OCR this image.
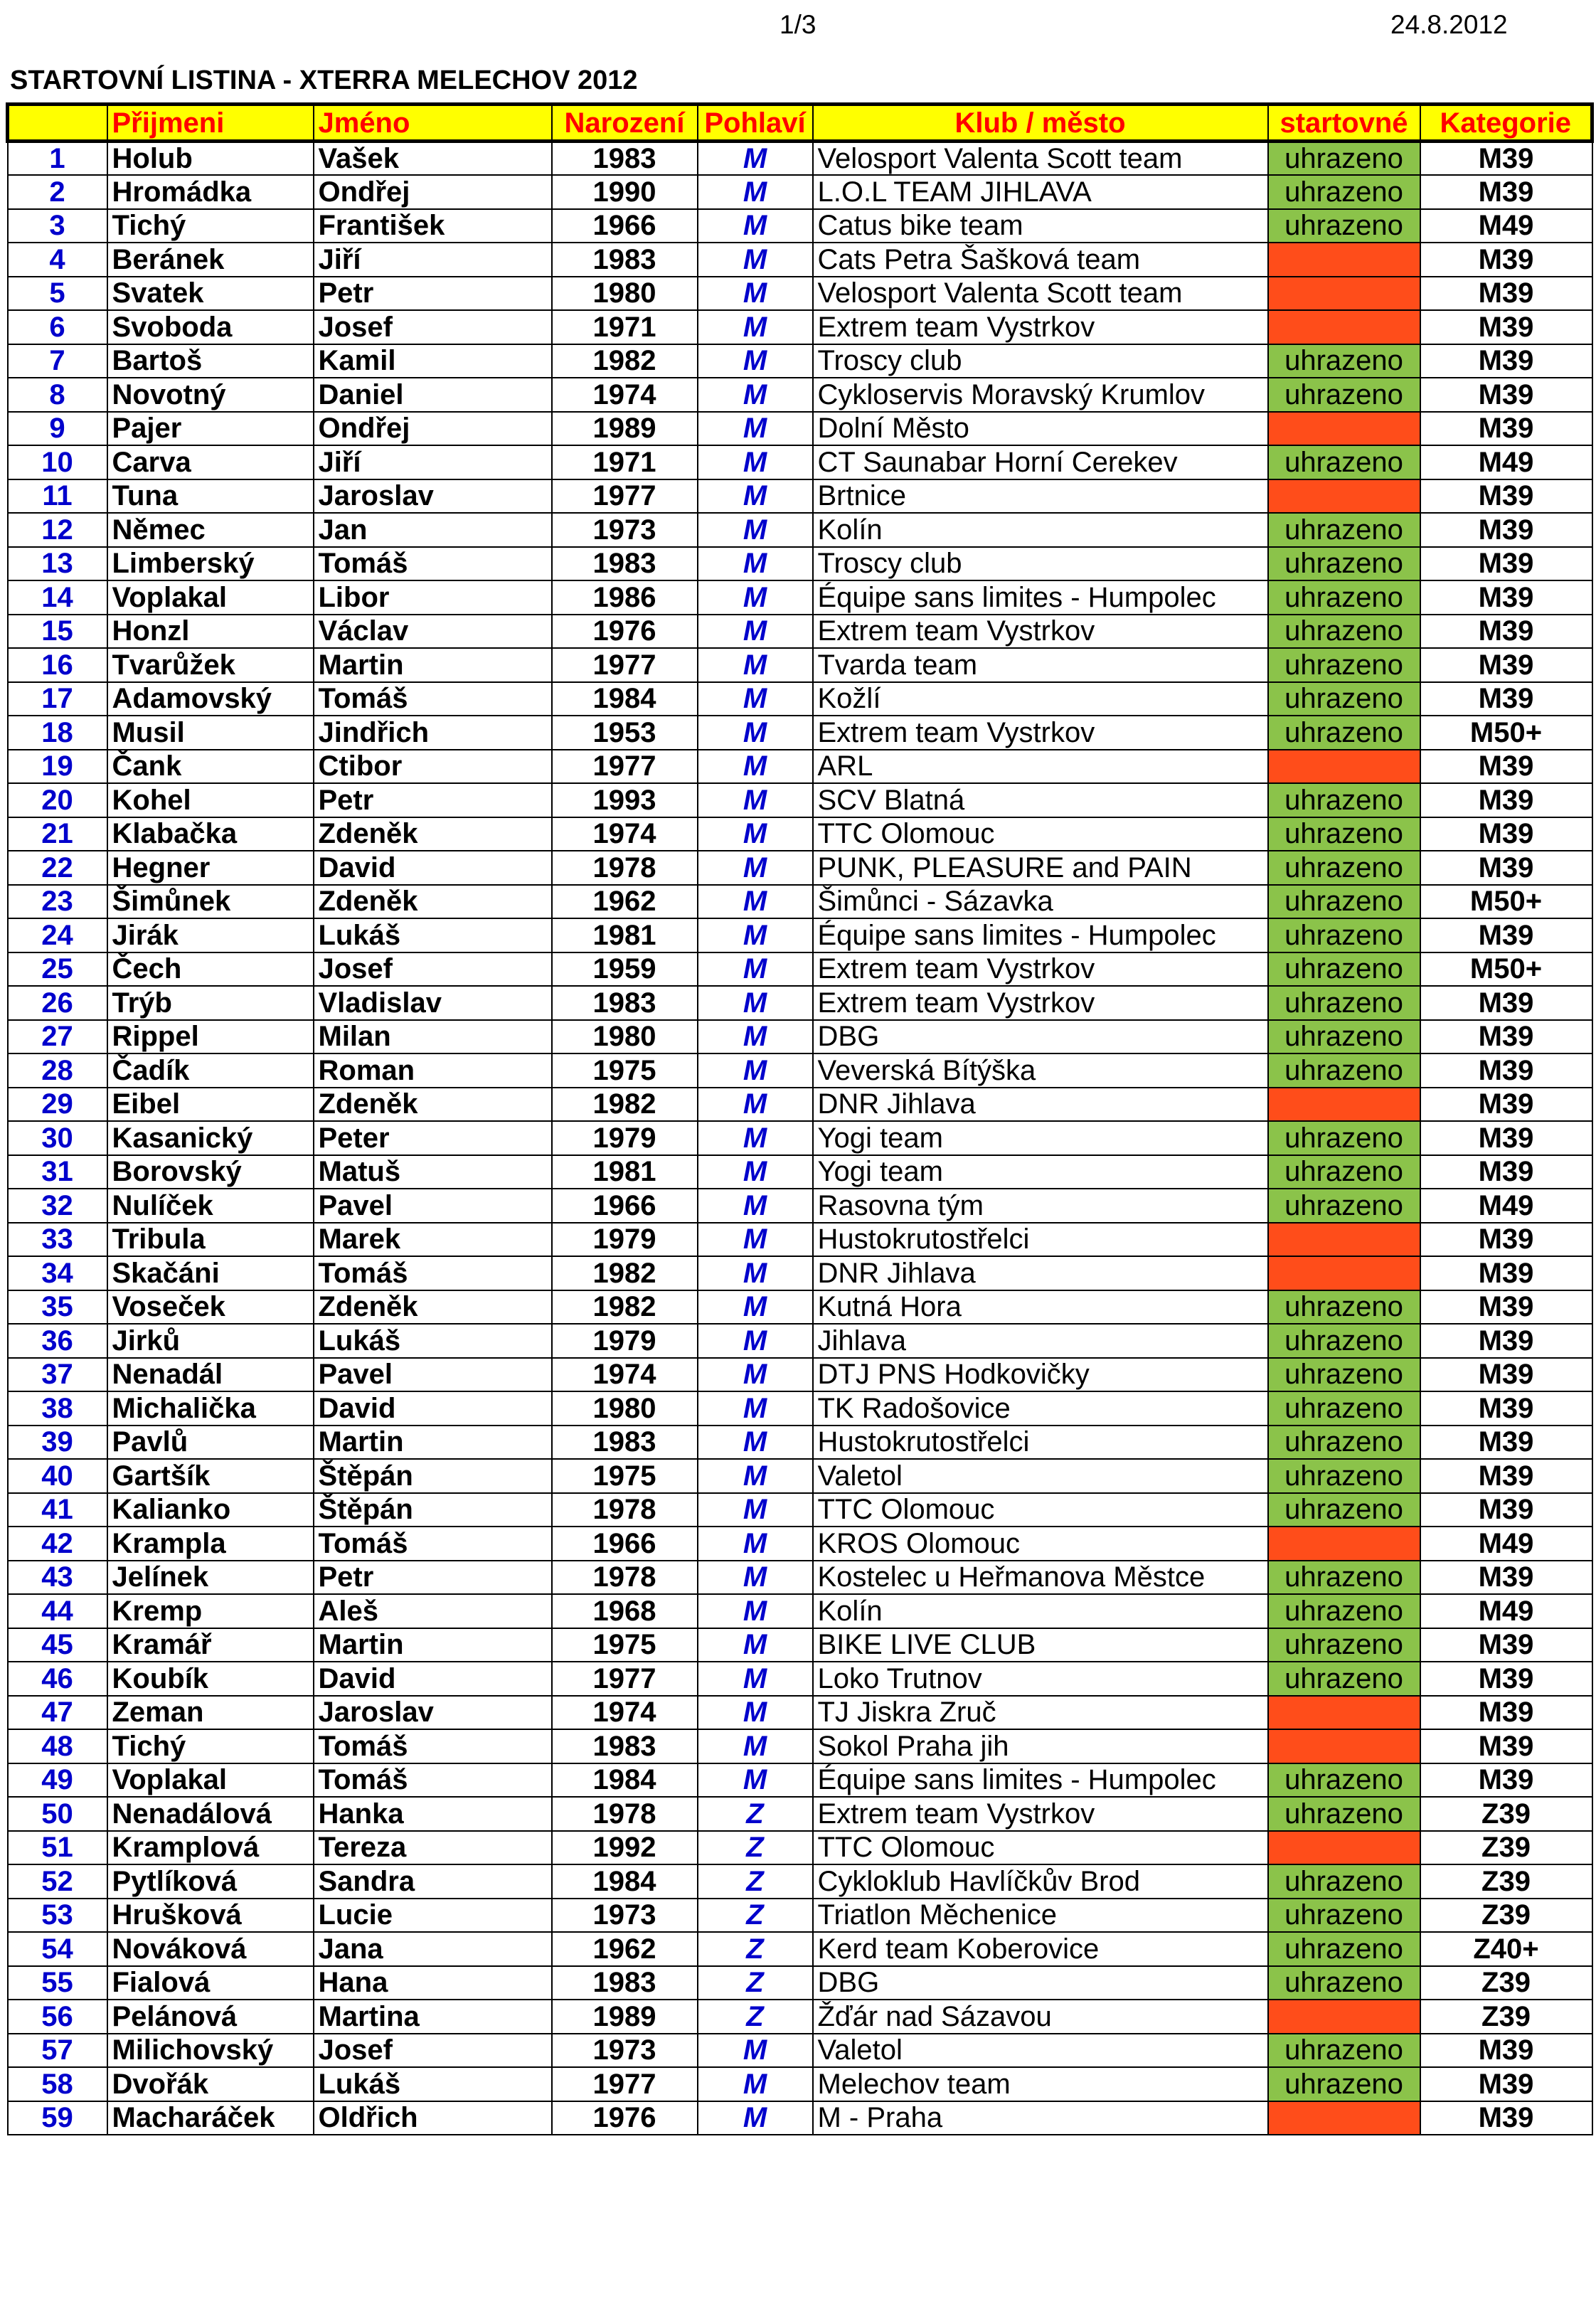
1/3	24.8.2012
STARTOVNÍ LISTINA - XTERRA MELECHOV 2012
	Přijmeni	Jméno	Narození	Pohlaví	Klub / město	startovné	Kategorie
1	Holub	Vašek	1983	M	Velosport Valenta Scott team	uhrazeno	M39
2	Hromádka	Ondřej	1990	M	L.O.L TEAM JIHLAVA	uhrazeno	M39
3	Tichý	František	1966	M	Catus bike team	uhrazeno	M49
4	Beránek	Jiří	1983	M	Cats Petra Šašková team		M39
5	Svatek	Petr	1980	M	Velosport Valenta Scott team		M39
6	Svoboda	Josef	1971	M	Extrem team Vystrkov		M39
7	Bartoš	Kamil	1982	M	Troscy club	uhrazeno	M39
8	Novotný	Daniel	1974	M	Cykloservis Moravský Krumlov	uhrazeno	M39
9	Pajer	Ondřej	1989	M	Dolní Město		M39
10	Carva	Jiří	1971	M	CT Saunabar Horní Cerekev	uhrazeno	M49
11	Tuna	Jaroslav	1977	M	Brtnice		M39
12	Němec	Jan	1973	M	Kolín	uhrazeno	M39
13	Limberský	Tomáš	1983	M	Troscy club	uhrazeno	M39
14	Voplakal	Libor	1986	M	Équipe sans limites - Humpolec	uhrazeno	M39
15	Honzl	Václav	1976	M	Extrem team Vystrkov	uhrazeno	M39
16	Tvarůžek	Martin	1977	M	Tvarda team	uhrazeno	M39
17	Adamovský	Tomáš	1984	M	Kožlí	uhrazeno	M39
18	Musil	Jindřich	1953	M	Extrem team Vystrkov	uhrazeno	M50+
19	Čank	Ctibor	1977	M	ARL		M39
20	Kohel	Petr	1993	M	SCV Blatná	uhrazeno	M39
21	Klabačka	Zdeněk	1974	M	TTC Olomouc	uhrazeno	M39
22	Hegner	David	1978	M	PUNK, PLEASURE and PAIN	uhrazeno	M39
23	Šimůnek	Zdeněk	1962	M	Šimůnci - Sázavka	uhrazeno	M50+
24	Jirák	Lukáš	1981	M	Équipe sans limites - Humpolec	uhrazeno	M39
25	Čech	Josef	1959	M	Extrem team Vystrkov	uhrazeno	M50+
26	Trýb	Vladislav	1983	M	Extrem team Vystrkov	uhrazeno	M39
27	Rippel	Milan	1980	M	DBG	uhrazeno	M39
28	Čadík	Roman	1975	M	Veverská Bítýška	uhrazeno	M39
29	Eibel	Zdeněk	1982	M	DNR Jihlava		M39
30	Kasanický	Peter	1979	M	Yogi team	uhrazeno	M39
31	Borovský	Matuš	1981	M	Yogi team	uhrazeno	M39
32	Nulíček	Pavel	1966	M	Rasovna tým	uhrazeno	M49
33	Tribula	Marek	1979	M	Hustokrutostřelci		M39
34	Skačáni	Tomáš	1982	M	DNR Jihlava		M39
35	Voseček	Zdeněk	1982	M	Kutná Hora	uhrazeno	M39
36	Jirků	Lukáš	1979	M	Jihlava	uhrazeno	M39
37	Nenadál	Pavel	1974	M	DTJ PNS Hodkovičky	uhrazeno	M39
38	Michalička	David	1980	M	TK Radošovice	uhrazeno	M39
39	Pavlů	Martin	1983	M	Hustokrutostřelci	uhrazeno	M39
40	Gartšík	Štěpán	1975	M	Valetol	uhrazeno	M39
41	Kalianko	Štěpán	1978	M	TTC Olomouc	uhrazeno	M39
42	Krampla	Tomáš	1966	M	KROS Olomouc		M49
43	Jelínek	Petr	1978	M	Kostelec u Heřmanova Městce	uhrazeno	M39
44	Kremp	Aleš	1968	M	Kolín	uhrazeno	M49
45	Kramář	Martin	1975	M	BIKE LIVE CLUB	uhrazeno	M39
46	Koubík	David	1977	M	Loko Trutnov	uhrazeno	M39
47	Zeman	Jaroslav	1974	M	TJ Jiskra Zruč		M39
48	Tichý	Tomáš	1983	M	Sokol Praha jih		M39
49	Voplakal	Tomáš	1984	M	Équipe sans limites - Humpolec	uhrazeno	M39
50	Nenadálová	Hanka	1978	Z	Extrem team Vystrkov	uhrazeno	Z39
51	Kramplová	Tereza	1992	Z	TTC Olomouc		Z39
52	Pytlíková	Sandra	1984	Z	Cykloklub Havlíčkův Brod	uhrazeno	Z39
53	Hrušková	Lucie	1973	Z	Triatlon Měchenice	uhrazeno	Z39
54	Nováková	Jana	1962	Z	Kerd team Koberovice	uhrazeno	Z40+
55	Fialová	Hana	1983	Z	DBG	uhrazeno	Z39
56	Pelánová	Martina	1989	Z	Žďár nad Sázavou		Z39
57	Milichovský	Josef	1973	M	Valetol	uhrazeno	M39
58	Dvořák	Lukáš	1977	M	Melechov team	uhrazeno	M39
59	Macharáček	Oldřich	1976	M	M - Praha		M39
